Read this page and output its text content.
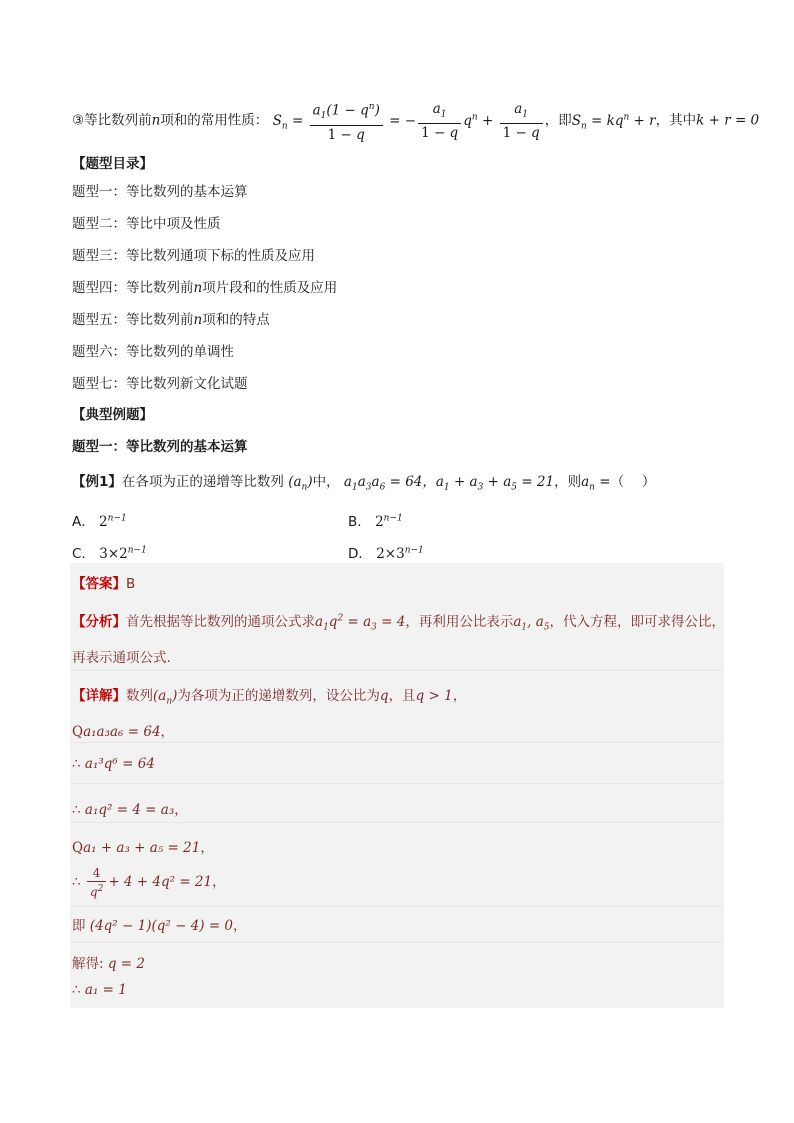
③等比数列前n项和的常用性质： $S_n = \frac{a_1(1 - q^n)}{1 - q}$ = − $\frac{a_1}{1 - q} q^n + \frac{a_1}{1 - q}$ ，即$S_n = kq^n + r$，其中k + r = 0
【题型目录】
题型一：等比数列的基本运算
题型二：等比中项及性质
题型三：等比数列通项下标的性质及应用
题型四：等比数列前n项片段和的性质及应用
题型五：等比数列前n项和的特点
题型六：等比数列的单调性
题型七：等比数列新文化试题
【典型例题】
题型一：等比数列的基本运算
【例1】在各项为正的递增等比数列 $(a_n)$中， $a_1a_3a_6 = 64$，$a_1 + a_3 + a_5 = 21$，则$a_n$ =（　 ）
A． $2^{n-1}$	B． $2^{n-1}$
C． $3\times 2^{n-1}$	D． $2\times 3^{n-1}$
【答案】B
【分析】首先根据等比数列的通项公式求$a_1q^2 = a_3 = 4$，再利用公比表示$a_1$, $a_5$，代入方程，即可求得公比，
再表示通项公式.
【详解】数列$(a_n)$为各项为正的递增数列，设公比为q，且q > 1，
Qa₁a₃a₆ = 64，
∴ a₁³q⁶ = 64
∴ a₁q² = 4 = a₃，
Qa₁ + a₃ + a₅ = 21，
∴ $\frac{4}{q^2} + 4 + 4q^2 = 21$，
即 (4q² − 1)(q² − 4) = 0，
解得: q = 2
∴ a₁ = 1
